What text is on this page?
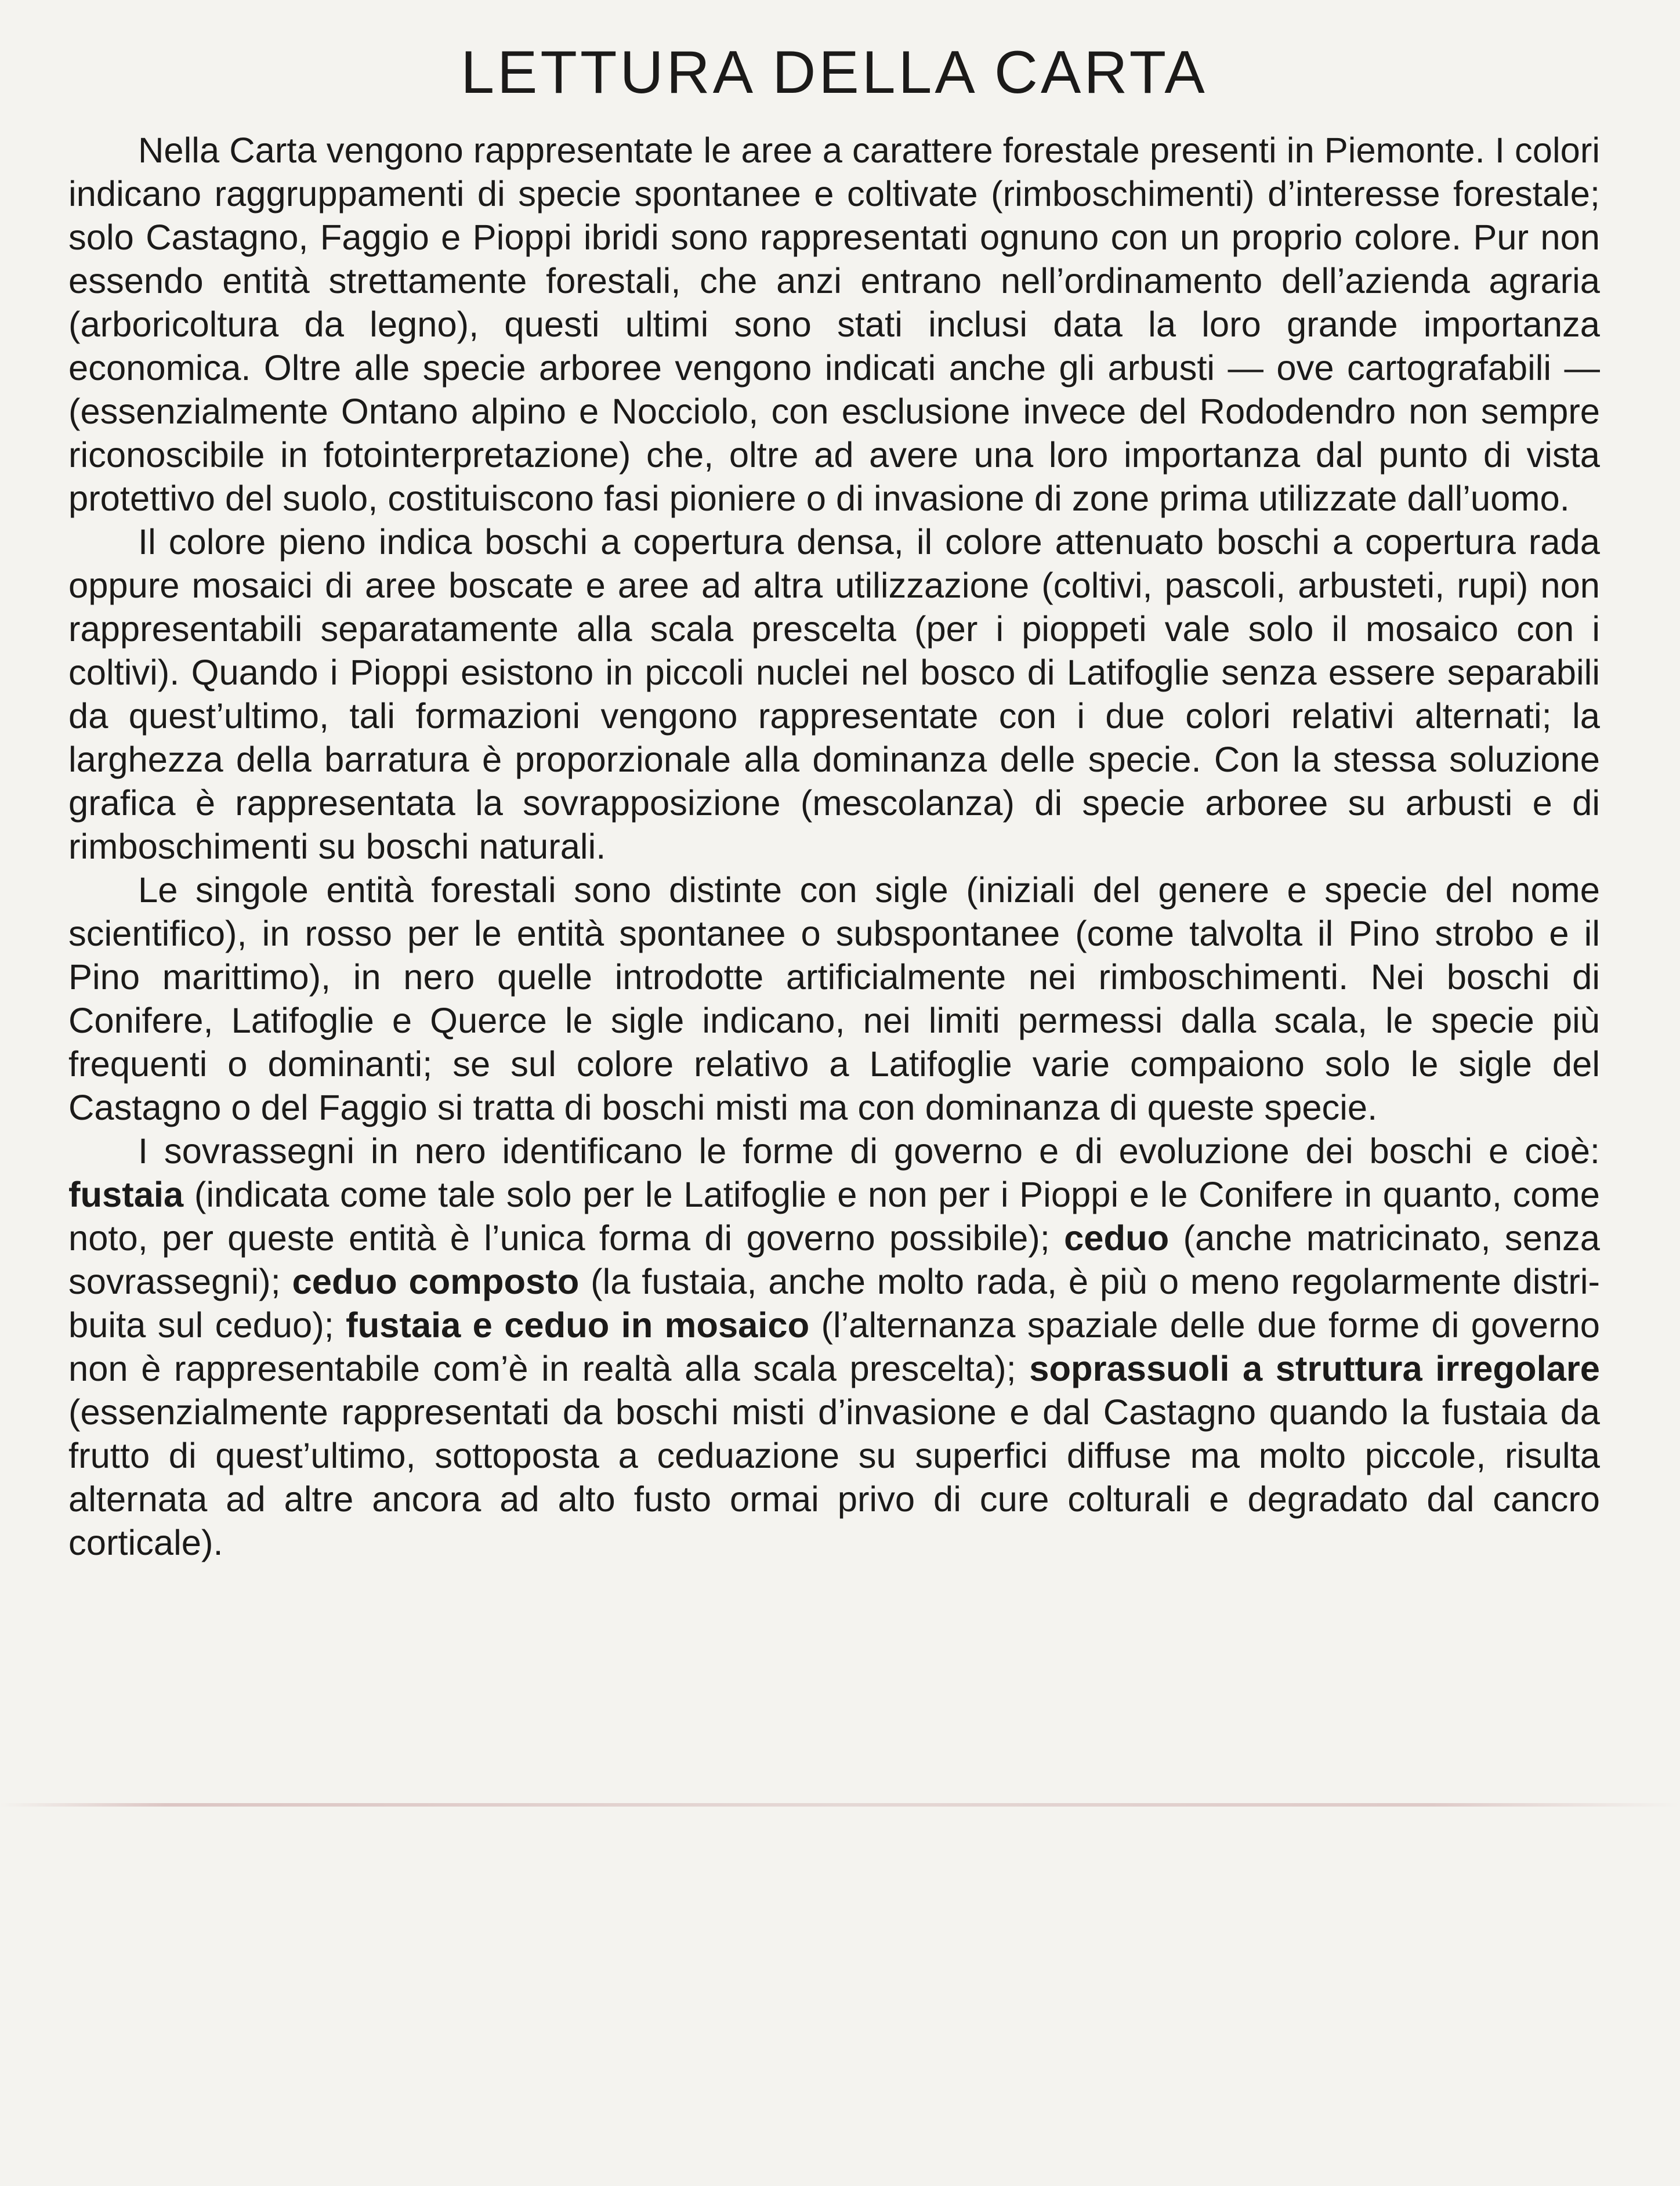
LETTURA DELLA CARTA

Nella Carta vengono rappresentate le aree a carattere forestale presenti in Piemonte. I colori indicano raggruppamenti di specie spontanee e coltivate (rimboschimenti) d’interesse forestale; solo Castagno, Faggio e Pioppi ibridi sono rappresentati ognuno con un proprio colore. Pur non essendo entità strettamente forestali, che anzi entrano nell’ordinamento dell’azienda agraria (arboricoltura da legno), questi ultimi sono stati inclusi data la loro grande importanza economica. Oltre alle specie arboree vengono indicati anche gli arbusti — ove cartografabili — (essenzialmente Ontano alpino e Nocciolo, con esclusione invece del Rododendro non sempre riconoscibile in fotointerpretazione) che, oltre ad avere una loro importanza dal punto di vista protettivo del suolo, costituiscono fasi pioniere o di invasione di zone prima utilizzate dall’uomo.

Il colore pieno indica boschi a copertura densa, il colore attenuato boschi a copertura rada oppure mosaici di aree boscate e aree ad altra utilizzazione (coltivi, pascoli, arbusteti, rupi) non rappresentabili separatamente alla scala prescelta (per i pioppeti vale solo il mosaico con i coltivi). Quando i Pioppi esistono in piccoli nuclei nel bosco di Latifoglie senza essere separabili da quest’ultimo, tali formazioni vengono rappresentate con i due colori relativi alternati; la larghezza della barratura è proporzionale alla dominanza delle specie. Con la stessa soluzione grafica è rappresentata la sovrapposizione (mescolanza) di specie arboree su arbusti e di rimboschimenti su boschi naturali.

Le singole entità forestali sono distinte con sigle (iniziali del genere e specie del nome scientifico), in rosso per le entità spontanee o subspontanee (come talvolta il Pino strobo e il Pino marittimo), in nero quelle introdotte artificialmente nei rimboschimenti. Nei boschi di Conifere, Latifoglie e Querce le sigle indicano, nei limiti permessi dalla scala, le specie più frequenti o dominanti; se sul colore relativo a Latifoglie varie compaiono solo le sigle del Castagno o del Faggio si tratta di boschi misti ma con dominanza di queste specie.

I sovrassegni in nero identificano le forme di governo e di evoluzione dei boschi e cioè: fustaia (indicata come tale solo per le Latifoglie e non per i Pioppi e le Conifere in quanto, come noto, per queste entità è l’unica forma di governo possibile); ceduo (anche matricinato, senza sovrassegni); ceduo composto (la fustaia, anche molto rada, è più o meno regolarmente distribuita sul ceduo); fustaia e ceduo in mosaico (l’alternanza spaziale delle due forme di governo non è rappresentabile com’è in realtà alla scala prescelta); soprassuoli a struttura irregolare (essenzialmente rappresentati da boschi misti d’invasione e dal Castagno quando la fustaia da frutto di quest’ultimo, sottoposta a ceduazione su superfici diffuse ma molto piccole, risulta alternata ad altre ancora ad alto fusto ormai privo di cure colturali e degradato dal cancro corticale).
